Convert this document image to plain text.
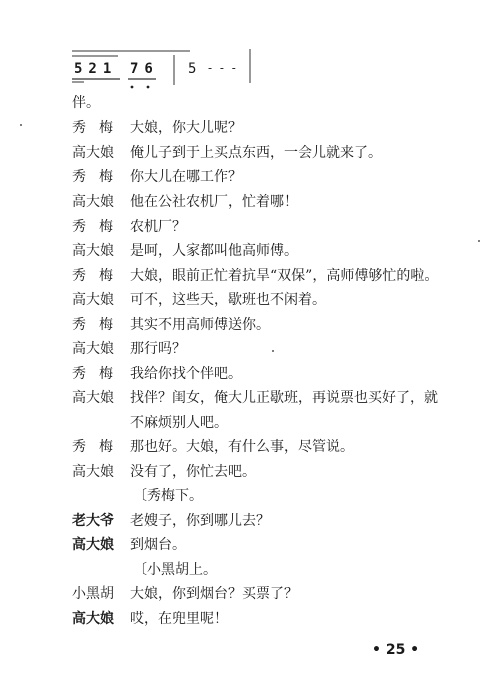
521 76 5 - - -
伴。
秀梅 大娘，你大儿呢？
高大娘 俺儿子到于上买点东西，一会儿就来了。
秀梅 你大儿在哪工作？
高大娘 他在公社农机厂，忙着哪！
秀梅 农机厂？
高大娘 是呵，人家都叫他高师傅。
秀梅 大娘，眼前正忙着抗旱“双保”，高师傅够忙的啦。
高大娘 可不，这些天，歇班也不闲着。
秀梅 其实不用高师傅送你。
高大娘 那行吗？
秀梅 我给你找个伴吧。
高大娘 找伴？闺女，俺大儿正歇班，再说票也买好了，就
不麻烦别人吧。
秀梅 那也好。大娘，有什么事，尽管说。
高大娘 没有了，你忙去吧。
〔秀梅下。
老大爷 老嫂子，你到哪儿去？
高大娘 到烟台。
〔小黑胡上。
小黑胡 大娘，你到烟台？买票了？
高大娘 哎，在兜里呢！
• 25 •
